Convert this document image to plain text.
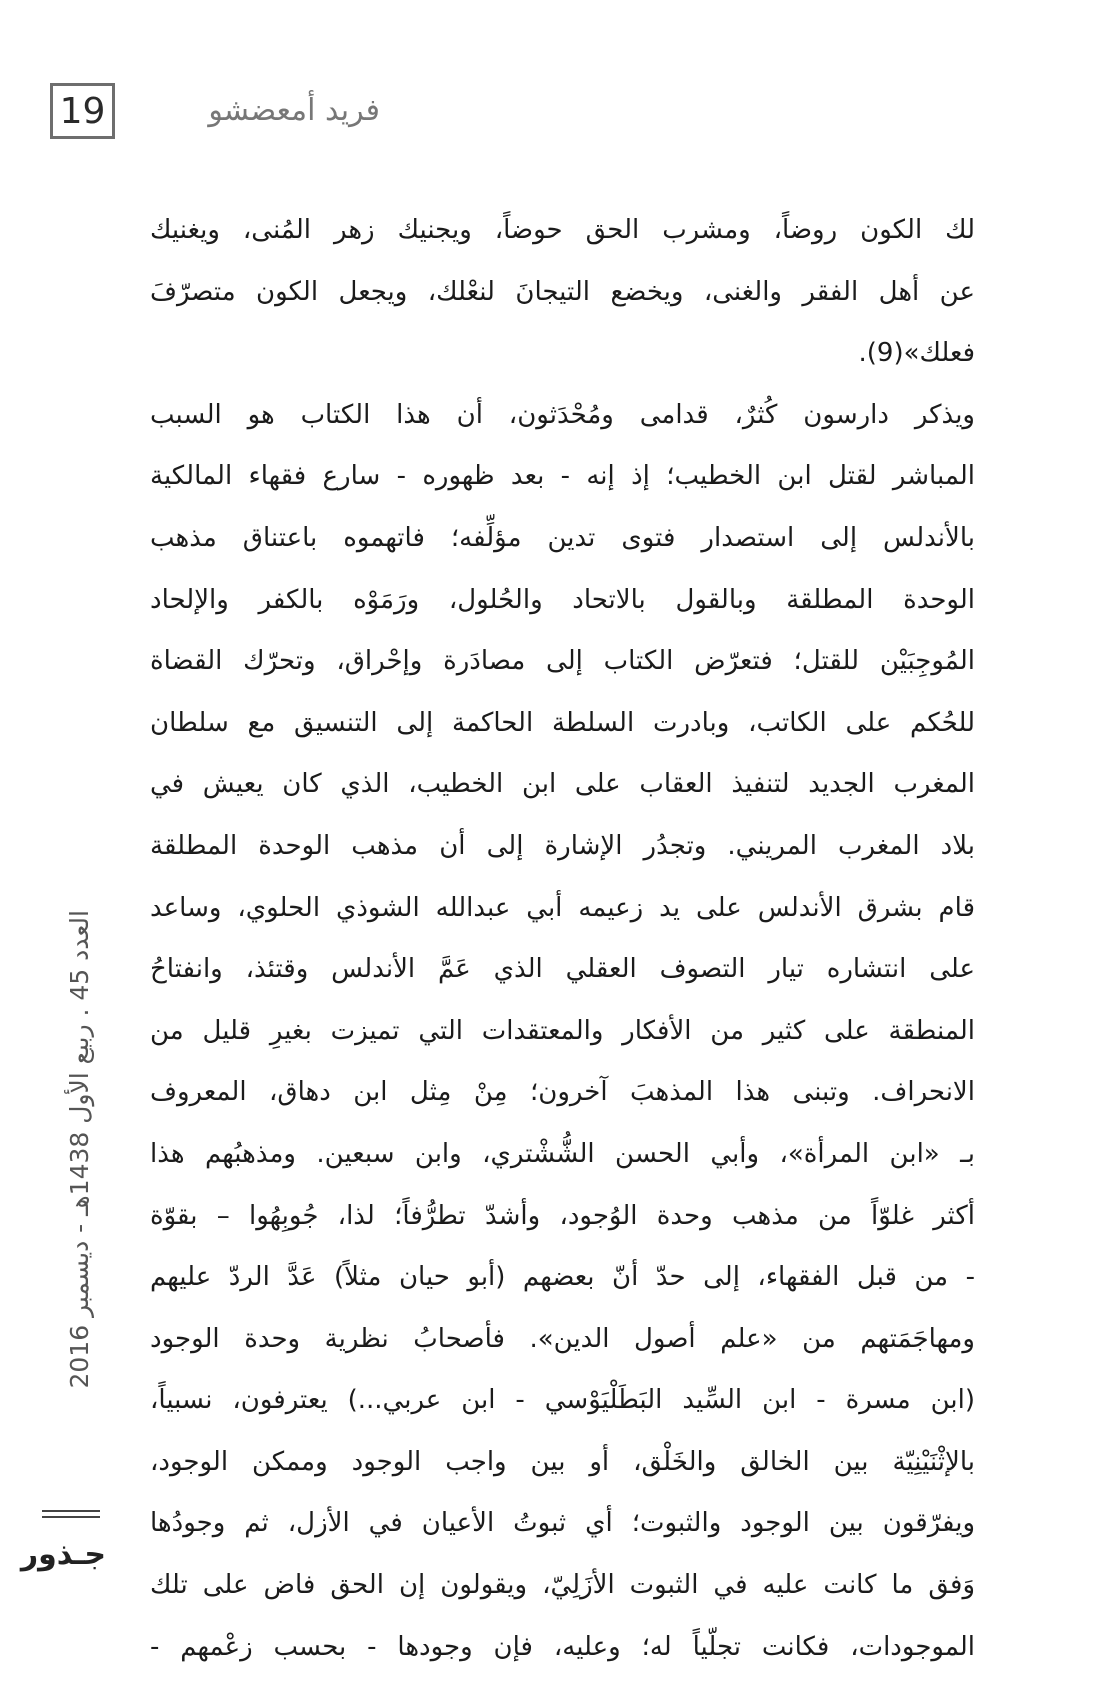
19	فريد أمعضشو
لك الكون روضاً، ومشرب الحق حوضاً، ويجنيك زهر المُنى، ويغنيك
عن أهل الفقر والغنى، ويخضع التيجانَ لنعْلك، ويجعل الكون متصرّفَ
فعلك»(9).
ويذكر دارسون كُثرٌ، قدامى ومُحْدَثون، أن هذا الكتاب هو السبب
المباشر لقتل ابن الخطيب؛ إذ إنه - بعد ظهوره - سارع فقهاء المالكية
بالأندلس إلى استصدار فتوى تدين مؤلِّفه؛ فاتهموه باعتناق مذهب
الوحدة المطلقة وبالقول بالاتحاد والحُلول، ورَمَوْه بالكفر والإلحاد
المُوجِبَيْن للقتل؛ فتعرّض الكتاب إلى مصادَرة وإحْراق، وتحرّك القضاة
للحُكم على الكاتب، وبادرت السلطة الحاكمة إلى التنسيق مع سلطان
المغرب الجديد لتنفيذ العقاب على ابن الخطيب، الذي كان يعيش في
بلاد المغرب المريني. وتجدُر الإشارة إلى أن مذهب الوحدة المطلقة
قام بشرق الأندلس على يد زعيمه أبي عبدالله الشوذي الحلوي، وساعد
على انتشاره تيار التصوف العقلي الذي عَمَّ الأندلس وقتئذ، وانفتاحُ
المنطقة على كثير من الأفكار والمعتقدات التي تميزت بغيرِ قليل من
الانحراف. وتبنى هذا المذهبَ آخرون؛ مِنْ مِثل ابن دهاق، المعروف
بـ «ابن المرأة»، وأبي الحسن الشُّشْتري، وابن سبعين. ومذهبُهم هذا
أكثر غلوّاً من مذهب وحدة الوُجود، وأشدّ تطرُّفاً؛ لذا، جُوبِهُوا – بقوّة
- من قبل الفقهاء، إلى حدّ أنّ بعضهم (أبو حيان مثلاً) عَدَّ الردّ عليهم
ومهاجَمَتهم من «علم أصول الدين». فأصحابُ نظرية وحدة الوجود
(ابن مسرة - ابن السِّيد البَطَلْيَوْسي - ابن عربي...) يعترفون، نسبياً،
بالإثْنَيْنِيّة بين الخالق والخَلْق، أو بين واجب الوجود وممكن الوجود،
ويفرّقون بين الوجود والثبوت؛ أي ثبوتُ الأعيان في الأزل، ثم وجودُها
وَفق ما كانت عليه في الثبوت الأزَلِيّ، ويقولون إن الحق فاض على تلك
الموجودات، فكانت تجلّياً له؛ وعليه، فإن وجودها - بحسب زعْمهم -
العدد 45 . ربيع الأول 1438هـ - ديسمبر 2016
جـذور
